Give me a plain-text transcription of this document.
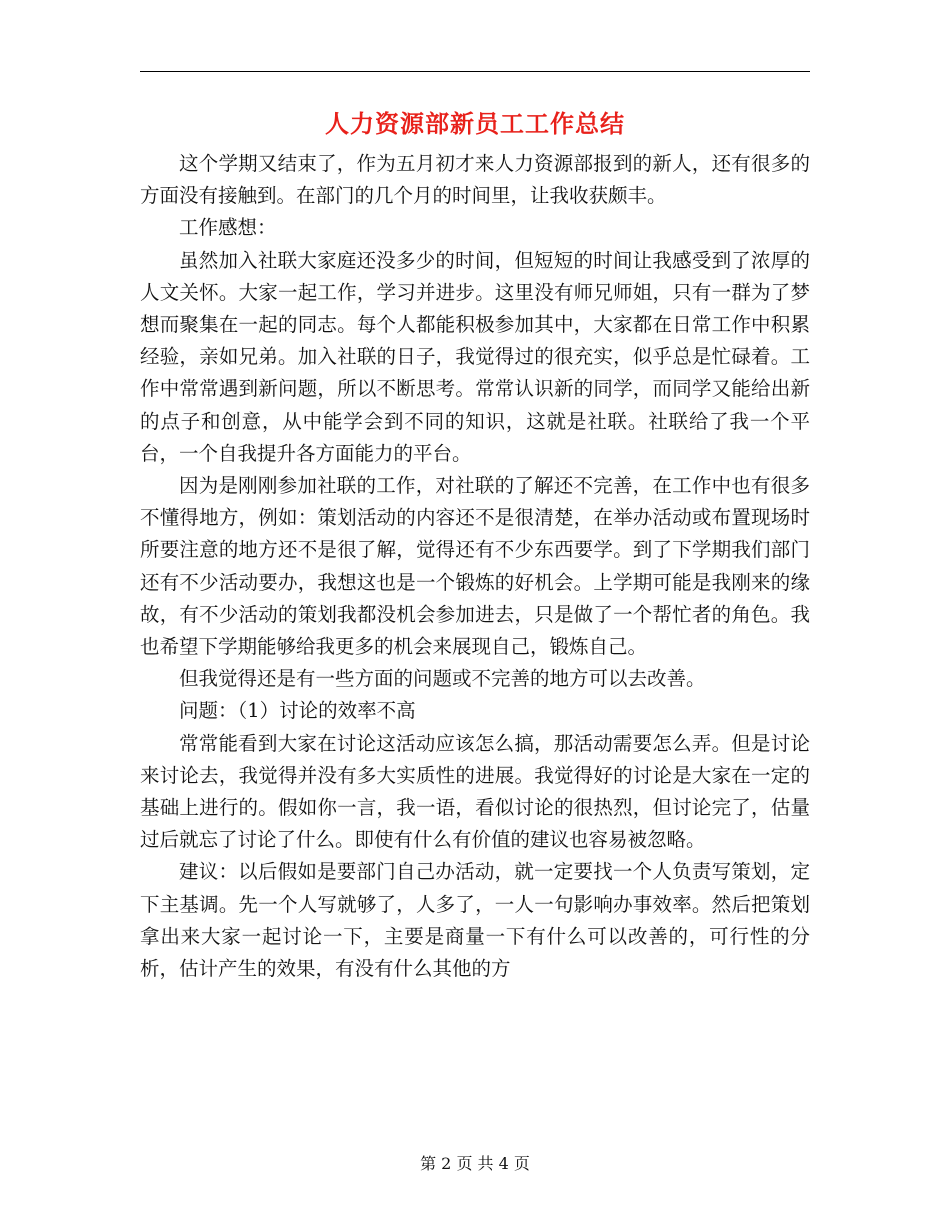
人力资源部新员工工作总结

这个学期又结束了，作为五月初才来人力资源部报到的新人，还有很多的方面没有接触到。在部门的几个月的时间里，让我收获颇丰。

工作感想：

虽然加入社联大家庭还没多少的时间，但短短的时间让我感受到了浓厚的人文关怀。大家一起工作，学习并进步。这里没有师兄师姐，只有一群为了梦想而聚集在一起的同志。每个人都能积极参加其中，大家都在日常工作中积累经验，亲如兄弟。加入社联的日子，我觉得过的很充实，似乎总是忙碌着。工作中常常遇到新问题，所以不断思考。常常认识新的同学，而同学又能给出新的点子和创意，从中能学会到不同的知识，这就是社联。社联给了我一个平台，一个自我提升各方面能力的平台。

因为是刚刚参加社联的工作，对社联的了解还不完善，在工作中也有很多不懂得地方，例如：策划活动的内容还不是很清楚，在举办活动或布置现场时所要注意的地方还不是很了解，觉得还有不少东西要学。到了下学期我们部门还有不少活动要办，我想这也是一个锻炼的好机会。上学期可能是我刚来的缘故，有不少活动的策划我都没机会参加进去，只是做了一个帮忙者的角色。我也希望下学期能够给我更多的机会来展现自己，锻炼自己。

但我觉得还是有一些方面的问题或不完善的地方可以去改善。

问题：（1）讨论的效率不高

常常能看到大家在讨论这活动应该怎么搞，那活动需要怎么弄。但是讨论来讨论去，我觉得并没有多大实质性的进展。我觉得好的讨论是大家在一定的基础上进行的。假如你一言，我一语，看似讨论的很热烈，但讨论完了，估量过后就忘了讨论了什么。即使有什么有价值的建议也容易被忽略。

建议：以后假如是要部门自己办活动，就一定要找一个人负责写策划，定下主基调。先一个人写就够了，人多了，一人一句影响办事效率。然后把策划拿出来大家一起讨论一下，主要是商量一下有什么可以改善的，可行性的分析，估计产生的效果，有没有什么其他的方

第 2 页 共 4 页
